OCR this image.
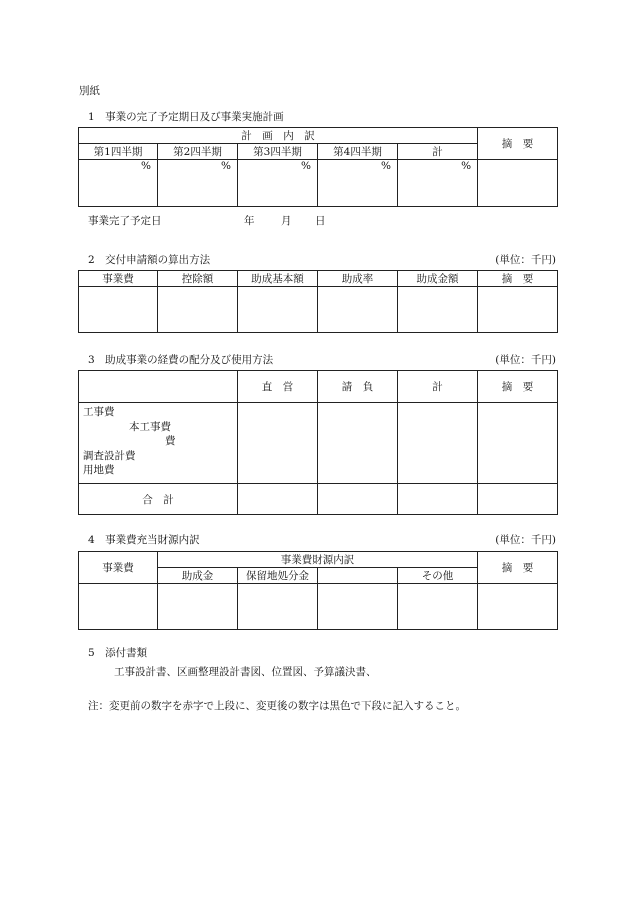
別紙
1　事業の完了予定期日及び事業実施計画
計　画　内　訳					摘　要
第1四半期	第2四半期	第3四半期	第4四半期	計	
%	%	%	%	%	
事業完了予定日	年	月 日
2　交付申請額の算出方法	(単位：千円)
事業費	控除額	助成基本額	助成率	助成金額	摘　要

3　助成事業の経費の配分及び使用方法	(単位：千円)
	直　営	請　負	計	摘　要

工事費
本工事費
費
調査設計費
用地費				

合　計				
4　事業費充当財源内訳	(単位：千円)
事業費	事業費財源内訳				摘　要
	助成金	保留地処分金		その他	

5　添付書類
工事設計書、区画整理設計書図、位置図、予算議決書、
注：変更前の数字を赤字で上段に、変更後の数字は黒色で下段に記入すること。
